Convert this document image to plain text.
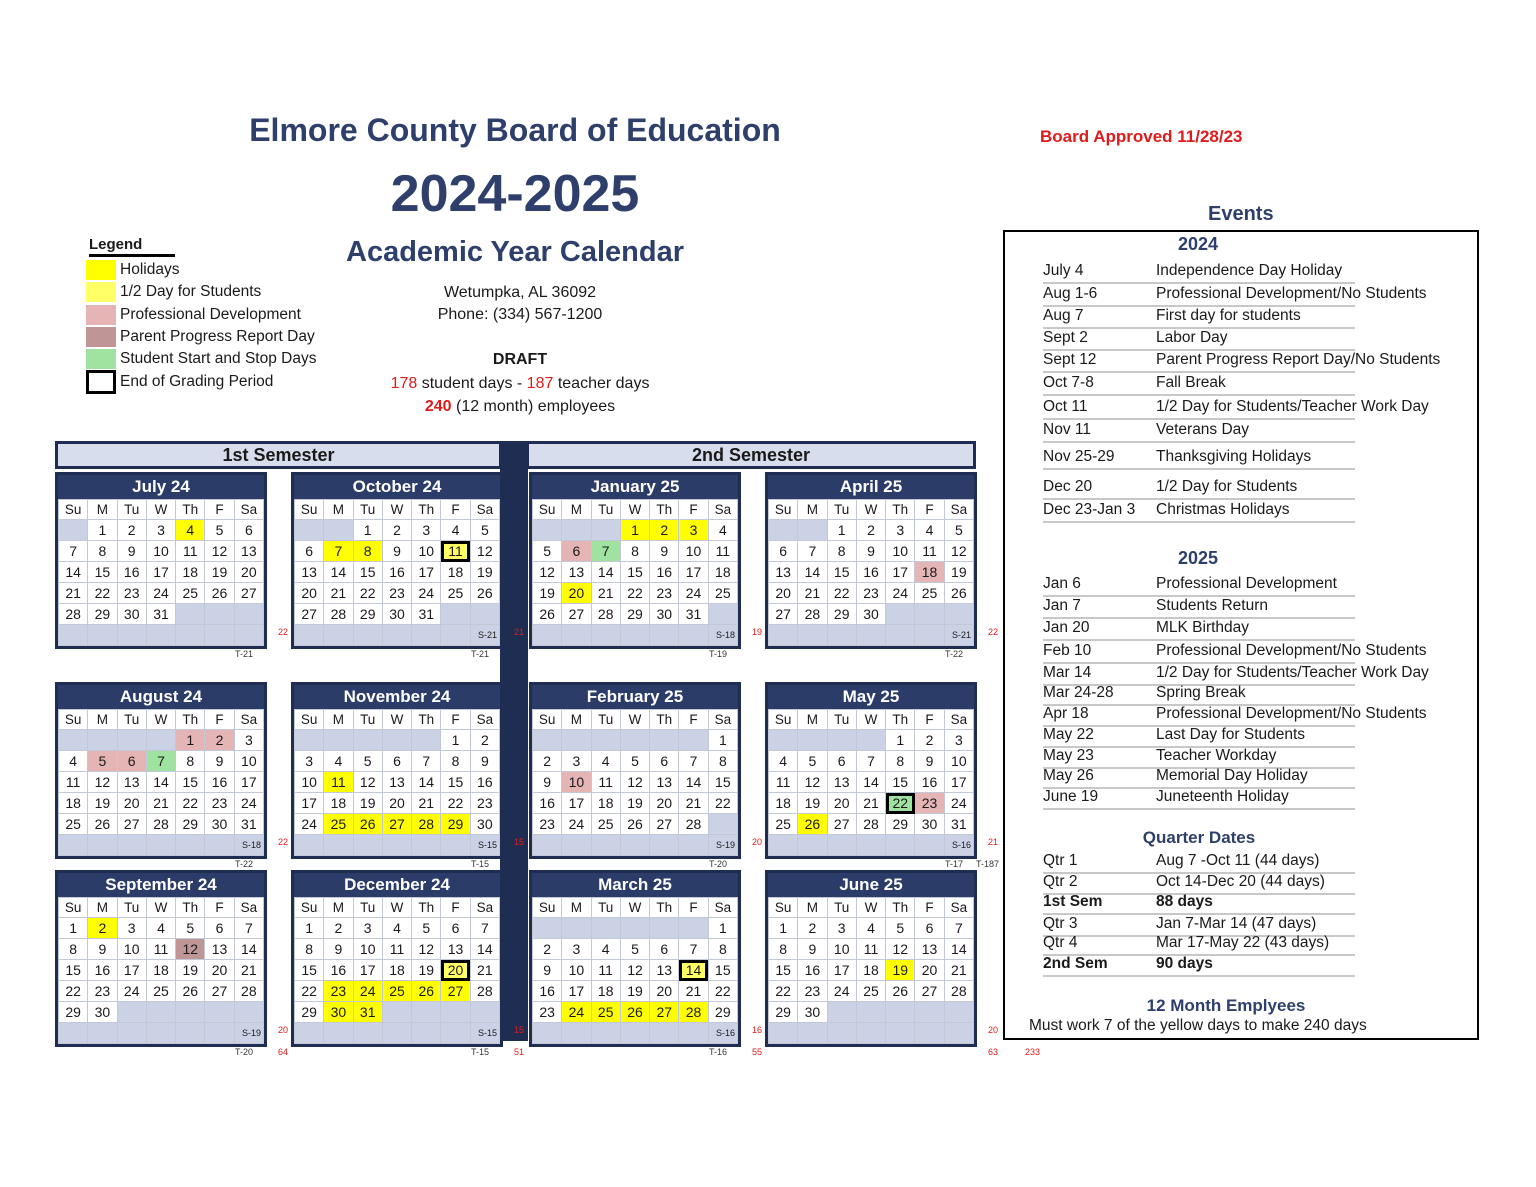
Elmore County Board of Education
2024-2025
Academic Year Calendar
Wetumpka, AL 36092
Phone: (334) 567-1200
Board Approved 11/28/23
DRAFT
178 student days - 187 teacher days
240 (12 month) employees
Legend
Holidays
1/2 Day for Students
Professional Development
Parent Progress Report Day
Student Start and Stop Days
End of Grading Period
1st Semester	2nd Semester
July 24
Su	M	Tu	W	Th	F	Sa
	1	2	3	4	5	6
7	8	9	10	11	12	13
14	15	16	17	18	19	20
21	22	23	24	25	26	27
28	29	30	31			

T-21
22
October 24
Su	M	Tu	W	Th	F	Sa
		1	2	3	4	5
6	7	8	9	10	11	12
13	14	15	16	17	18	19
20	21	22	23	24	25	26
27	28	29	30	31		
						S-21
T-21
21
January 25
Su	M	Tu	W	Th	F	Sa
			1	2	3	4
5	6	7	8	9	10	11
12	13	14	15	16	17	18
19	20	21	22	23	24	25
26	27	28	29	30	31	
						S-18
T-19
19
April 25
Su	M	Tu	W	Th	F	Sa
		1	2	3	4	5
6	7	8	9	10	11	12
13	14	15	16	17	18	19
20	21	22	23	24	25	26
27	28	29	30			
						S-21
T-22
22
August 24
Su	M	Tu	W	Th	F	Sa
				1	2	3
4	5	6	7	8	9	10
11	12	13	14	15	16	17
18	19	20	21	22	23	24
25	26	27	28	29	30	31
						S-18
T-22
22
November 24
Su	M	Tu	W	Th	F	Sa
					1	2
3	4	5	6	7	8	9
10	11	12	13	14	15	16
17	18	19	20	21	22	23
24	25	26	27	28	29	30
						S-15
T-15
15
February 25
Su	M	Tu	W	Th	F	Sa
						1
2	3	4	5	6	7	8
9	10	11	12	13	14	15
16	17	18	19	20	21	22
23	24	25	26	27	28	
						S-19
T-20
20
May 25
Su	M	Tu	W	Th	F	Sa
				1	2	3
4	5	6	7	8	9	10
11	12	13	14	15	16	17
18	19	20	21	22	23	24
25	26	27	28	29	30	31
						S-16
T-17
21
T-187
September 24
Su	M	Tu	W	Th	F	Sa
1	2	3	4	5	6	7
8	9	10	11	12	13	14
15	16	17	18	19	20	21
22	23	24	25	26	27	28
29	30					
						S-19
T-20
20
64
December 24
Su	M	Tu	W	Th	F	Sa
1	2	3	4	5	6	7
8	9	10	11	12	13	14
15	16	17	18	19	20	21
22	23	24	25	26	27	28
29	30	31				
						S-15
T-15
15
51
March 25
Su	M	Tu	W	Th	F	Sa
						1
2	3	4	5	6	7	8
9	10	11	12	13	14	15
16	17	18	19	20	21	22
23	24	25	26	27	28	29
						S-16
T-16
16
55
June 25
Su	M	Tu	W	Th	F	Sa
1	2	3	4	5	6	7
8	9	10	11	12	13	14
15	16	17	18	19	20	21
22	23	24	25	26	27	28
29	30					

20
63	233
Events
2024
July 4	Independence Day Holiday
Aug 1-6	Professional Development/No Students
Aug 7	First day for students
Sept 2	Labor Day
Sept 12	Parent Progress Report Day/No Students
Oct 7-8	Fall Break
Oct 11	1/2 Day for Students/Teacher Work Day
Nov 11	Veterans Day
Nov 25-29	Thanksgiving Holidays
Dec 20	1/2 Day for Students
Dec 23-Jan 3 Christmas Holidays
2025
Jan 6	Professional Development
Jan 7	Students Return
Jan 20	MLK Birthday
Feb 10	Professional Development/No Students
Mar 14	1/2 Day for Students/Teacher Work Day
Mar 24-28	Spring Break
Apr 18	Professional Development/No Students
May 22	Last Day for Students
May 23	Teacher Workday
May 26	Memorial Day Holiday
June 19	Juneteenth Holiday
Quarter Dates
Qtr 1	Aug 7 -Oct 11 (44 days)
Qtr 2	Oct 14-Dec 20 (44 days)
1st Sem	88 days
Qtr 3	Jan 7-Mar 14 (47 days)
Qtr 4	Mar 17-May 22 (43 days)
2nd Sem	90 days
12 Month Emplyees
Must work 7 of the yellow days to make 240 days
